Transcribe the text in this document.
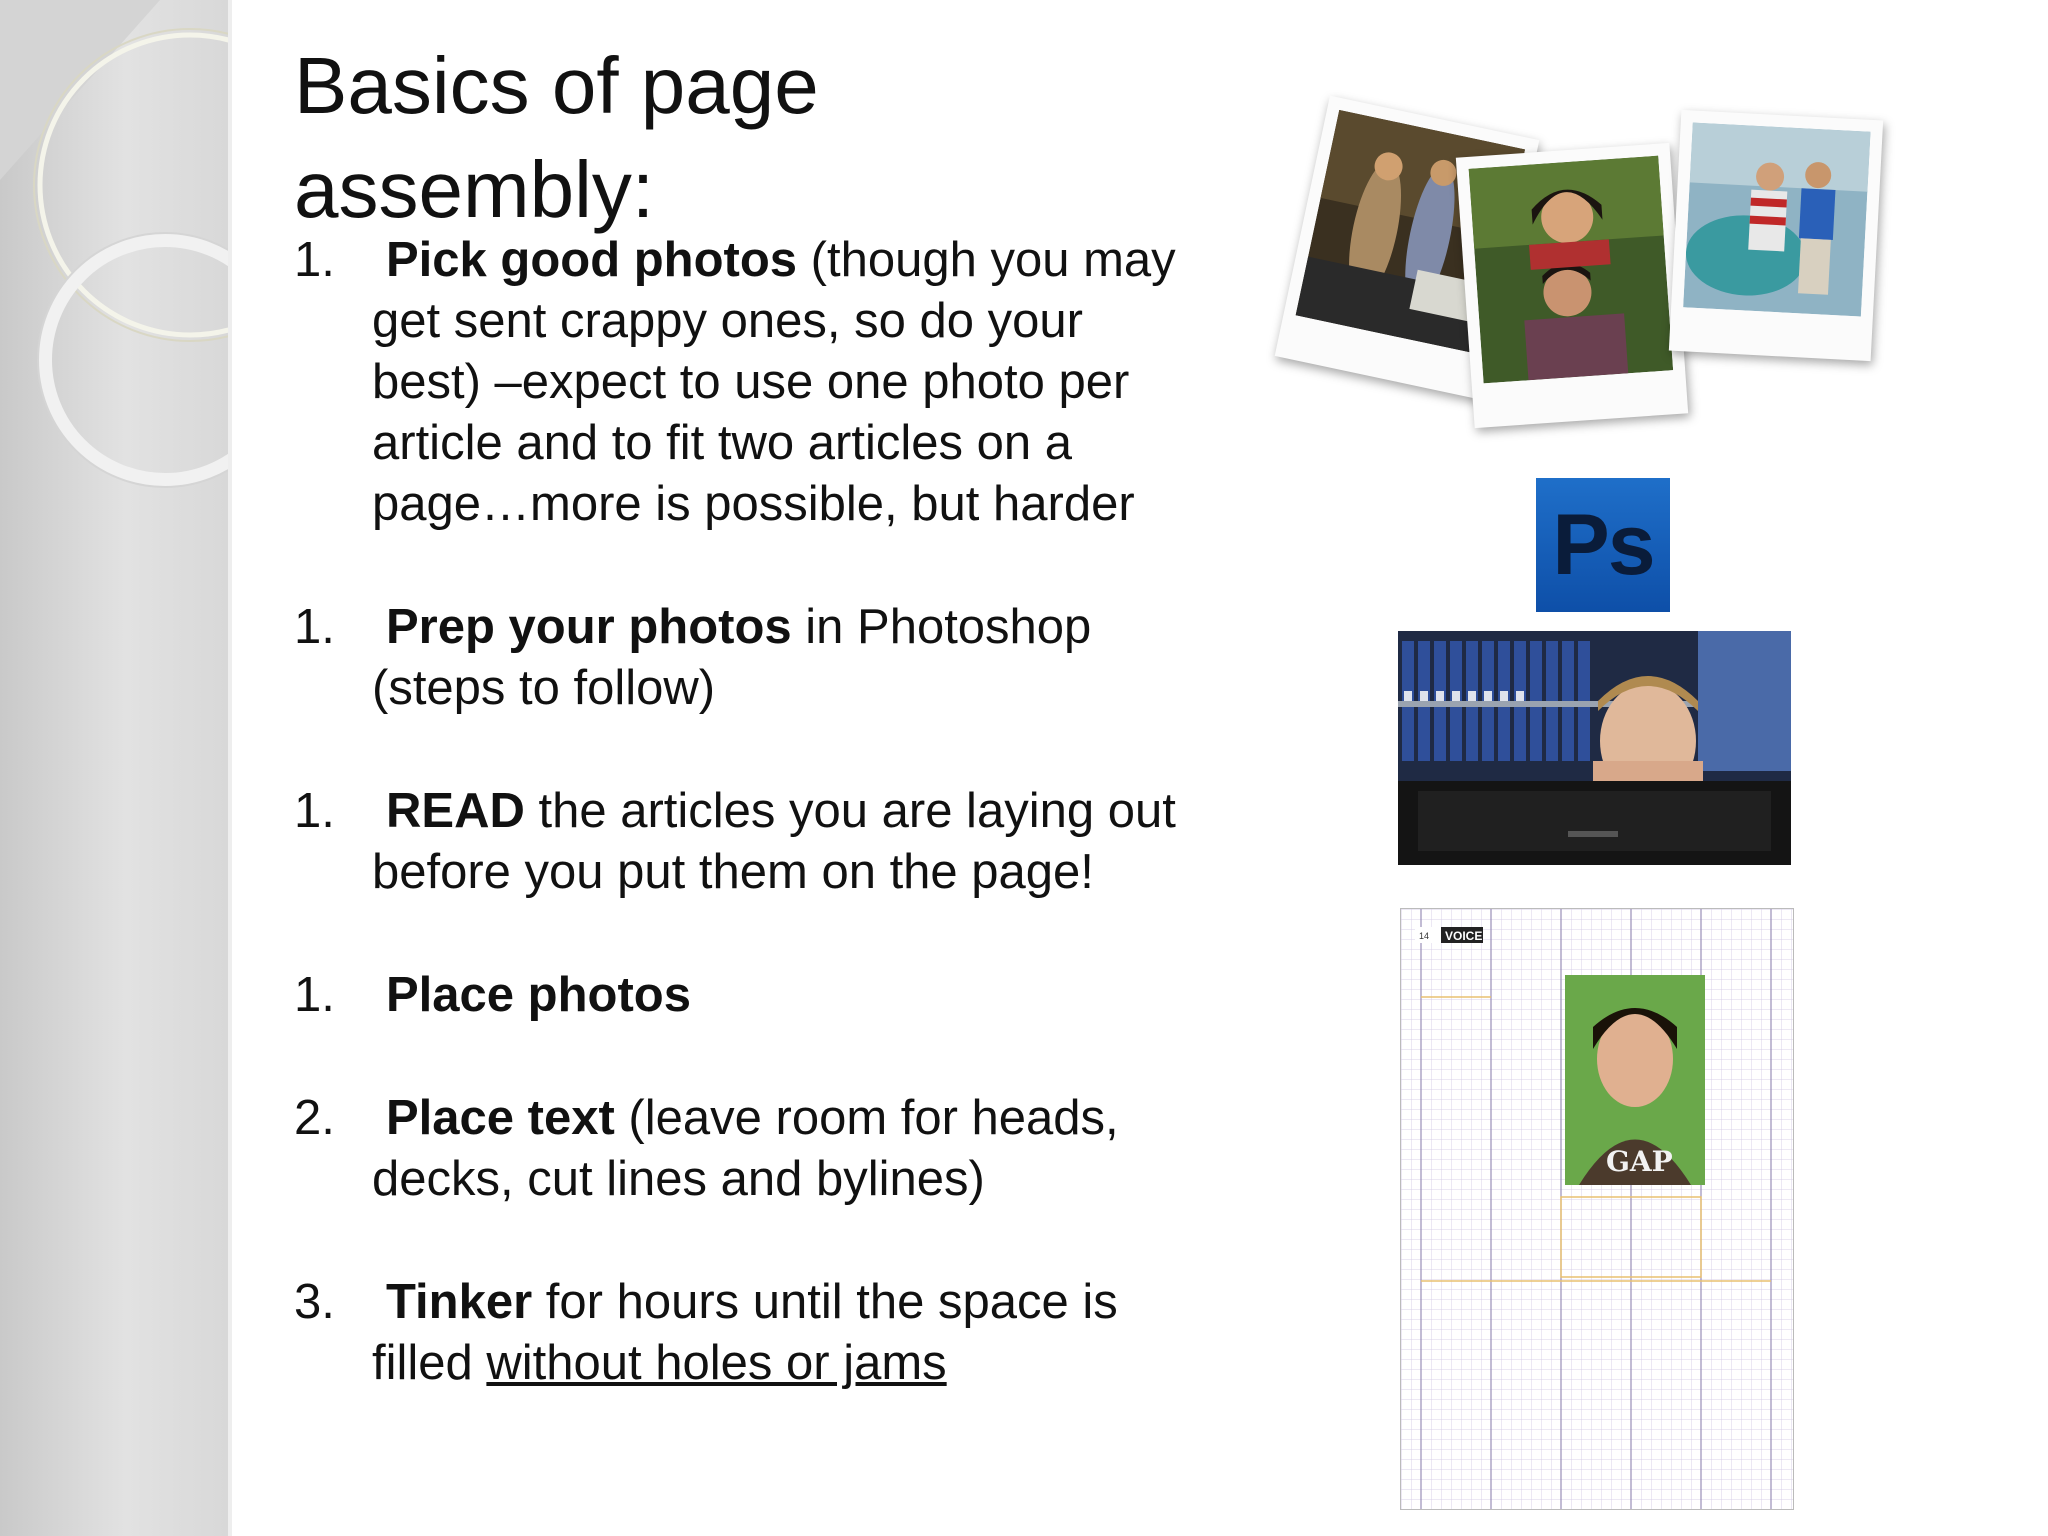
Basics of page assembly:
1. Pick good photos (though you may get sent crappy ones, so do your best) –expect to use one photo per article and to fit two articles on a page…more is possible, but harder
1. Prep your photos in Photoshop (steps to follow)
1. READ the articles you are laying out before you put them on the page!
1. Place photos
2. Place text (leave room for heads, decks, cut lines and bylines)
3. Tinker for hours until the space is filled without holes or jams
Ps
14 VOICE
GAP
